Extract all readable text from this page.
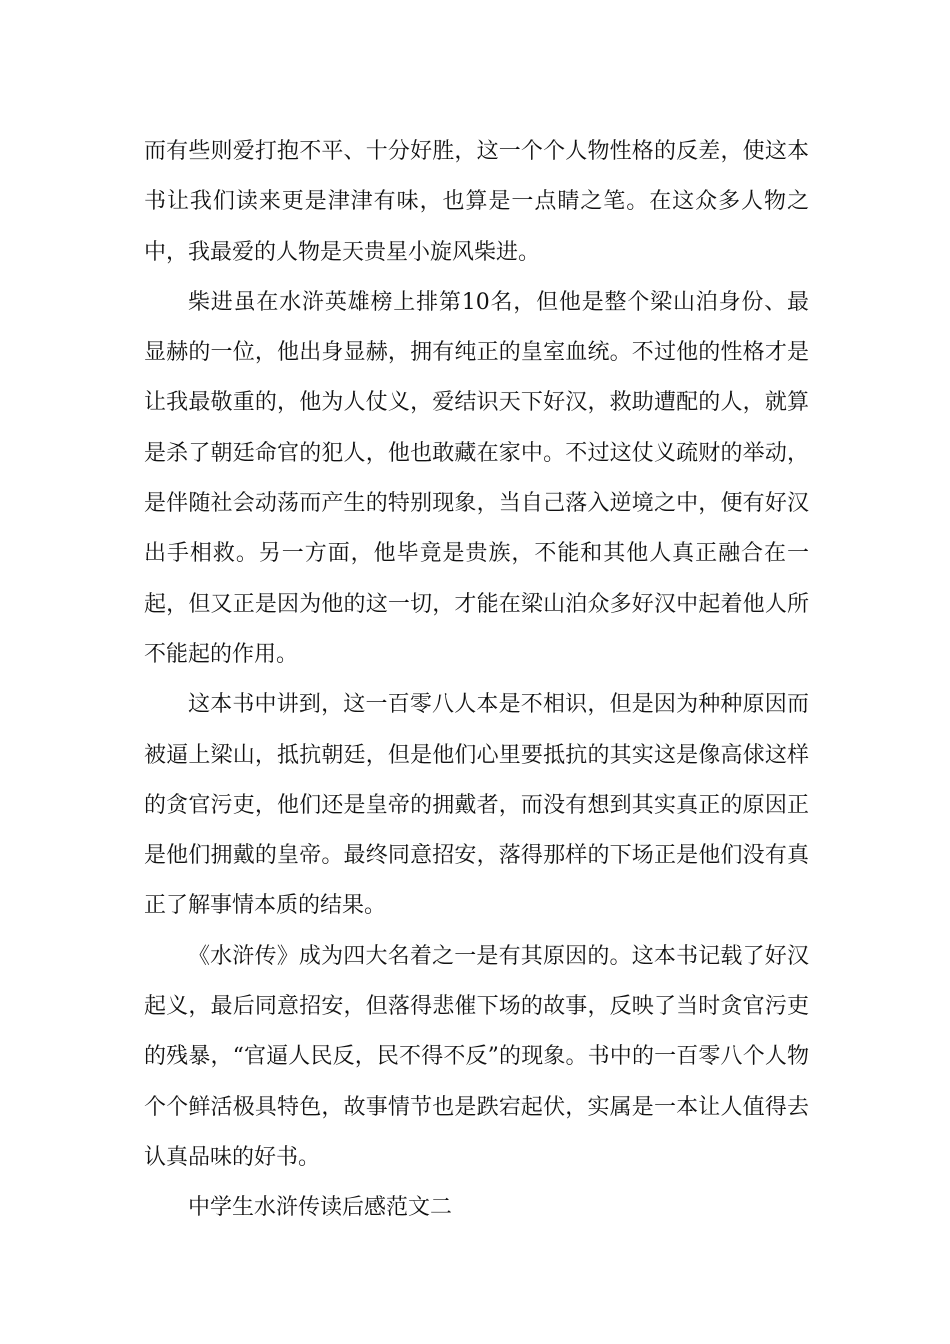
而有些则爱打抱不平、十分好胜，这一个个人物性格的反差，使这本书让我们读来更是津津有味，也算是一点睛之笔。在这众多人物之中，我最爱的人物是天贵星小旋风柴进。

柴进虽在水浒英雄榜上排第10名，但他是整个梁山泊身份、最显赫的一位，他出身显赫，拥有纯正的皇室血统。不过他的性格才是让我最敬重的，他为人仗义，爱结识天下好汉，救助遭配的人，就算是杀了朝廷命官的犯人，他也敢藏在家中。不过这仗义疏财的举动，是伴随社会动荡而产生的特别现象，当自己落入逆境之中，便有好汉出手相救。另一方面，他毕竟是贵族，不能和其他人真正融合在一起，但又正是因为他的这一切，才能在梁山泊众多好汉中起着他人所不能起的作用。

这本书中讲到，这一百零八人本是不相识，但是因为种种原因而被逼上梁山，抵抗朝廷，但是他们心里要抵抗的其实这是像高俅这样的贪官污吏，他们还是皇帝的拥戴者，而没有想到其实真正的原因正是他们拥戴的皇帝。最终同意招安，落得那样的下场正是他们没有真正了解事情本质的结果。

《水浒传》成为四大名着之一是有其原因的。这本书记载了好汉起义，最后同意招安，但落得悲催下场的故事，反映了当时贪官污吏的残暴，“官逼人民反，民不得不反”的现象。书中的一百零八个人物个个鲜活极具特色，故事情节也是跌宕起伏，实属是一本让人值得去认真品味的好书。

中学生水浒传读后感范文二
